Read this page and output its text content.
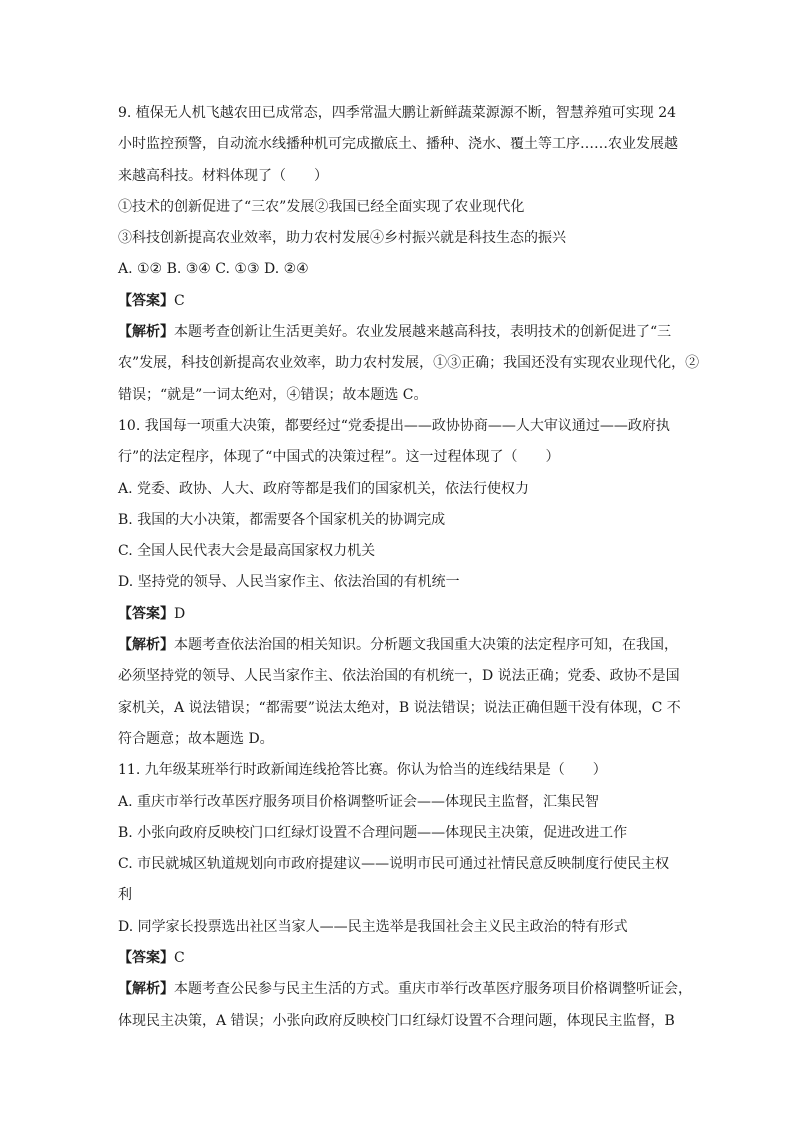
9. 植保无人机飞越农田已成常态，四季常温大鹏让新鲜蔬菜源源不断，智慧养殖可实现 24
小时监控预警，自动流水线播种机可完成撤底土、播种、浇水、覆土等工序……农业发展越
来越高科技。材料体现了（　　）
①技术的创新促进了“三农”发展②我国已经全面实现了农业现代化
③科技创新提高农业效率，助力农村发展④乡村振兴就是科技生态的振兴
A. ①② B. ③④ C. ①③ D. ②④
【答案】C
【解析】本题考查创新让生活更美好。农业发展越来越高科技，表明技术的创新促进了“三
农”发展，科技创新提高农业效率，助力农村发展，①③正确；我国还没有实现农业现代化，②
错误；“就是”一词太绝对，④错误；故本题选 C。
10. 我国每一项重大决策，都要经过“党委提出——政协协商——人大审议通过——政府执
行”的法定程序，体现了“中国式的决策过程”。这一过程体现了（　　）
A. 党委、政协、人大、政府等都是我们的国家机关，依法行使权力
B. 我国的大小决策，都需要各个国家机关的协调完成
C. 全国人民代表大会是最高国家权力机关
D. 坚持党的领导、人民当家作主、依法治国的有机统一
【答案】D
【解析】本题考查依法治国的相关知识。分析题文我国重大决策的法定程序可知，在我国，
必须坚持党的领导、人民当家作主、依法治国的有机统一，D 说法正确；党委、政协不是国
家机关，A 说法错误；“都需要”说法太绝对，B 说法错误；说法正确但题干没有体现，C 不
符合题意；故本题选 D。
11. 九年级某班举行时政新闻连线抢答比赛。你认为恰当的连线结果是（　　）
A. 重庆市举行改革医疗服务项目价格调整听证会——体现民主监督，汇集民智
B. 小张向政府反映校门口红绿灯设置不合理问题——体现民主决策，促进改进工作
C. 市民就城区轨道规划向市政府提建议——说明市民可通过社情民意反映制度行使民主权
利
D. 同学家长投票选出社区当家人——民主选举是我国社会主义民主政治的特有形式
【答案】C
【解析】本题考查公民参与民主生活的方式。重庆市举行改革医疗服务项目价格调整听证会，
体现民主决策，A 错误；小张向政府反映校门口红绿灯设置不合理问题，体现民主监督，B
